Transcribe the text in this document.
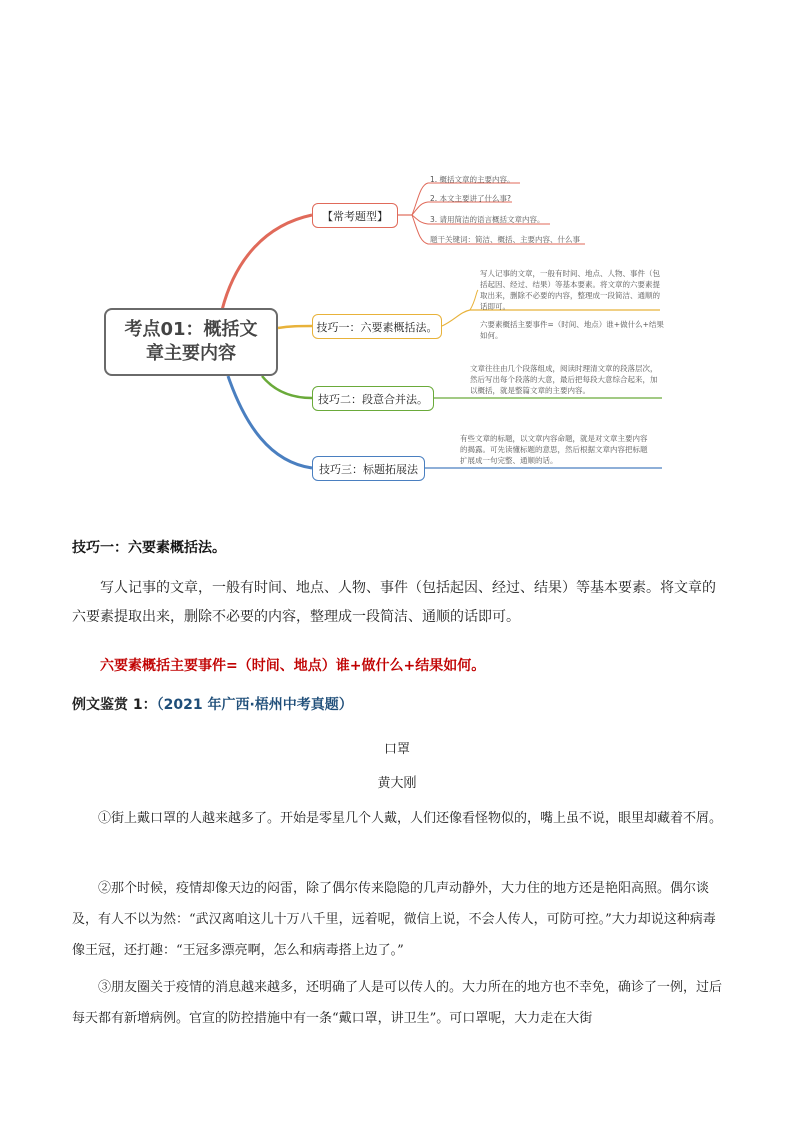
考点01：概括文章主要内容
【常考题型】
1. 概括文章的主要内容。
2. 本文主要讲了什么事?
3. 请用简洁的语言概括文章内容。
题干关键词：简洁、概括、主要内容、什么事
技巧一：六要素概括法。
写人记事的文章，一般有时间、地点、人物、事件（包括起因、经过、结果）等基本要素。将文章的六要素提取出来，删除不必要的内容，整理成一段简洁、通顺的话即可。
六要素概括主要事件=（时间、地点）谁+做什么+结果如何。
技巧二：段意合并法。
文章往往由几个段落组成，阅读时理清文章的段落层次，然后写出每个段落的大意，最后把每段大意综合起来，加以概括，就是整篇文章的主要内容。
技巧三：标题拓展法
有些文章的标题，以文章内容命题，就是对文章主要内容的揭露。可先读懂标题的意思，然后根据文章内容把标题扩展成一句完整、通顺的话。
技巧一：六要素概括法。

写人记事的文章，一般有时间、地点、人物、事件（包括起因、经过、结果）等基本要素。将文章的六要素提取出来，删除不必要的内容，整理成一段简洁、通顺的话即可。

六要素概括主要事件=（时间、地点）谁+做什么+结果如何。
例文鉴赏 1：（2021 年广西·梧州中考真题）
口罩
黄大刚

①街上戴口罩的人越来越多了。开始是零星几个人戴，人们还像看怪物似的，嘴上虽不说，眼里却藏着不屑。

②那个时候，疫情却像天边的闷雷，除了偶尔传来隐隐的几声动静外，大力住的地方还是艳阳高照。偶尔谈及，有人不以为然：“武汉离咱这儿十万八千里，远着呢，微信上说，不会人传人，可防可控。”大力却说这种病毒像王冠，还打趣：“王冠多漂亮啊，怎么和病毒搭上边了。”

③朋友圈关于疫情的消息越来越多，还明确了人是可以传人的。大力所在的地方也不幸免，确诊了一例，过后每天都有新增病例。官宣的防控措施中有一条“戴口罩，讲卫生”。可口罩呢，大力走在大街
